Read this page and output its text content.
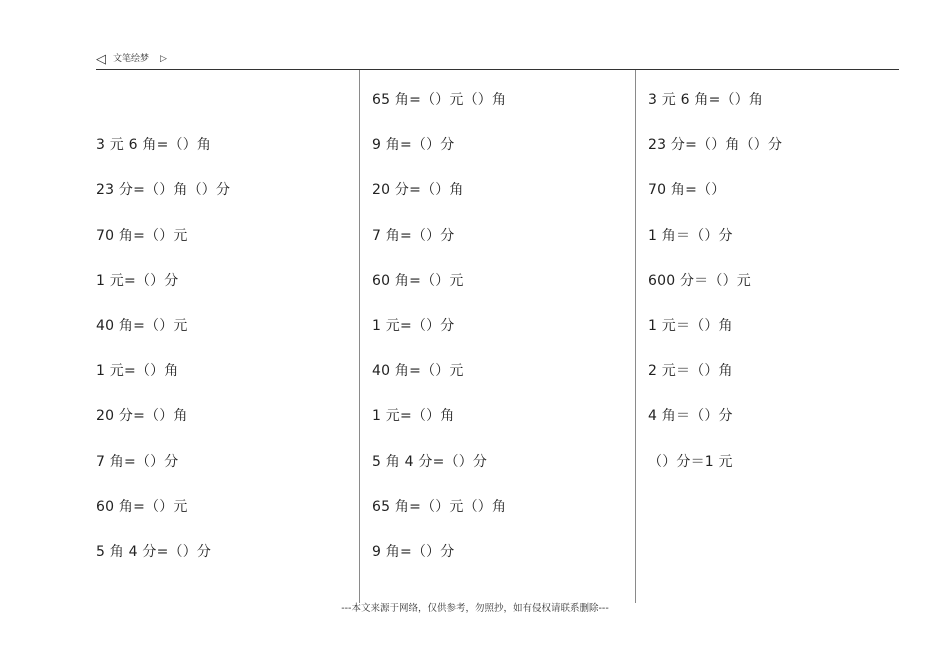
◁ 文笔绘梦 ▷
3 元 6 角=（）角
23 分=（）角（）分
70 角=（）元
1 元=（）分
40 角=（）元
1 元=（）角
20 分=（）角
7 角=（）分
60 角=（）元
5 角 4 分=（）分
65 角=（）元（）角
9 角=（）分
20 分=（）角
7 角=（）分
60 角=（）元
1 元=（）分
40 角=（）元
1 元=（）角
5 角 4 分=（）分
65 角=（）元（）角
9 角=（）分
3 元 6 角=（）角
23 分=（）角（）分
70 角=（）
1 角＝（）分
600 分＝（）元
1 元＝（）角
2 元＝（）角
4 角＝（）分
（）分＝1 元
---本文来源于网络，仅供参考，勿照抄，如有侵权请联系删除---
